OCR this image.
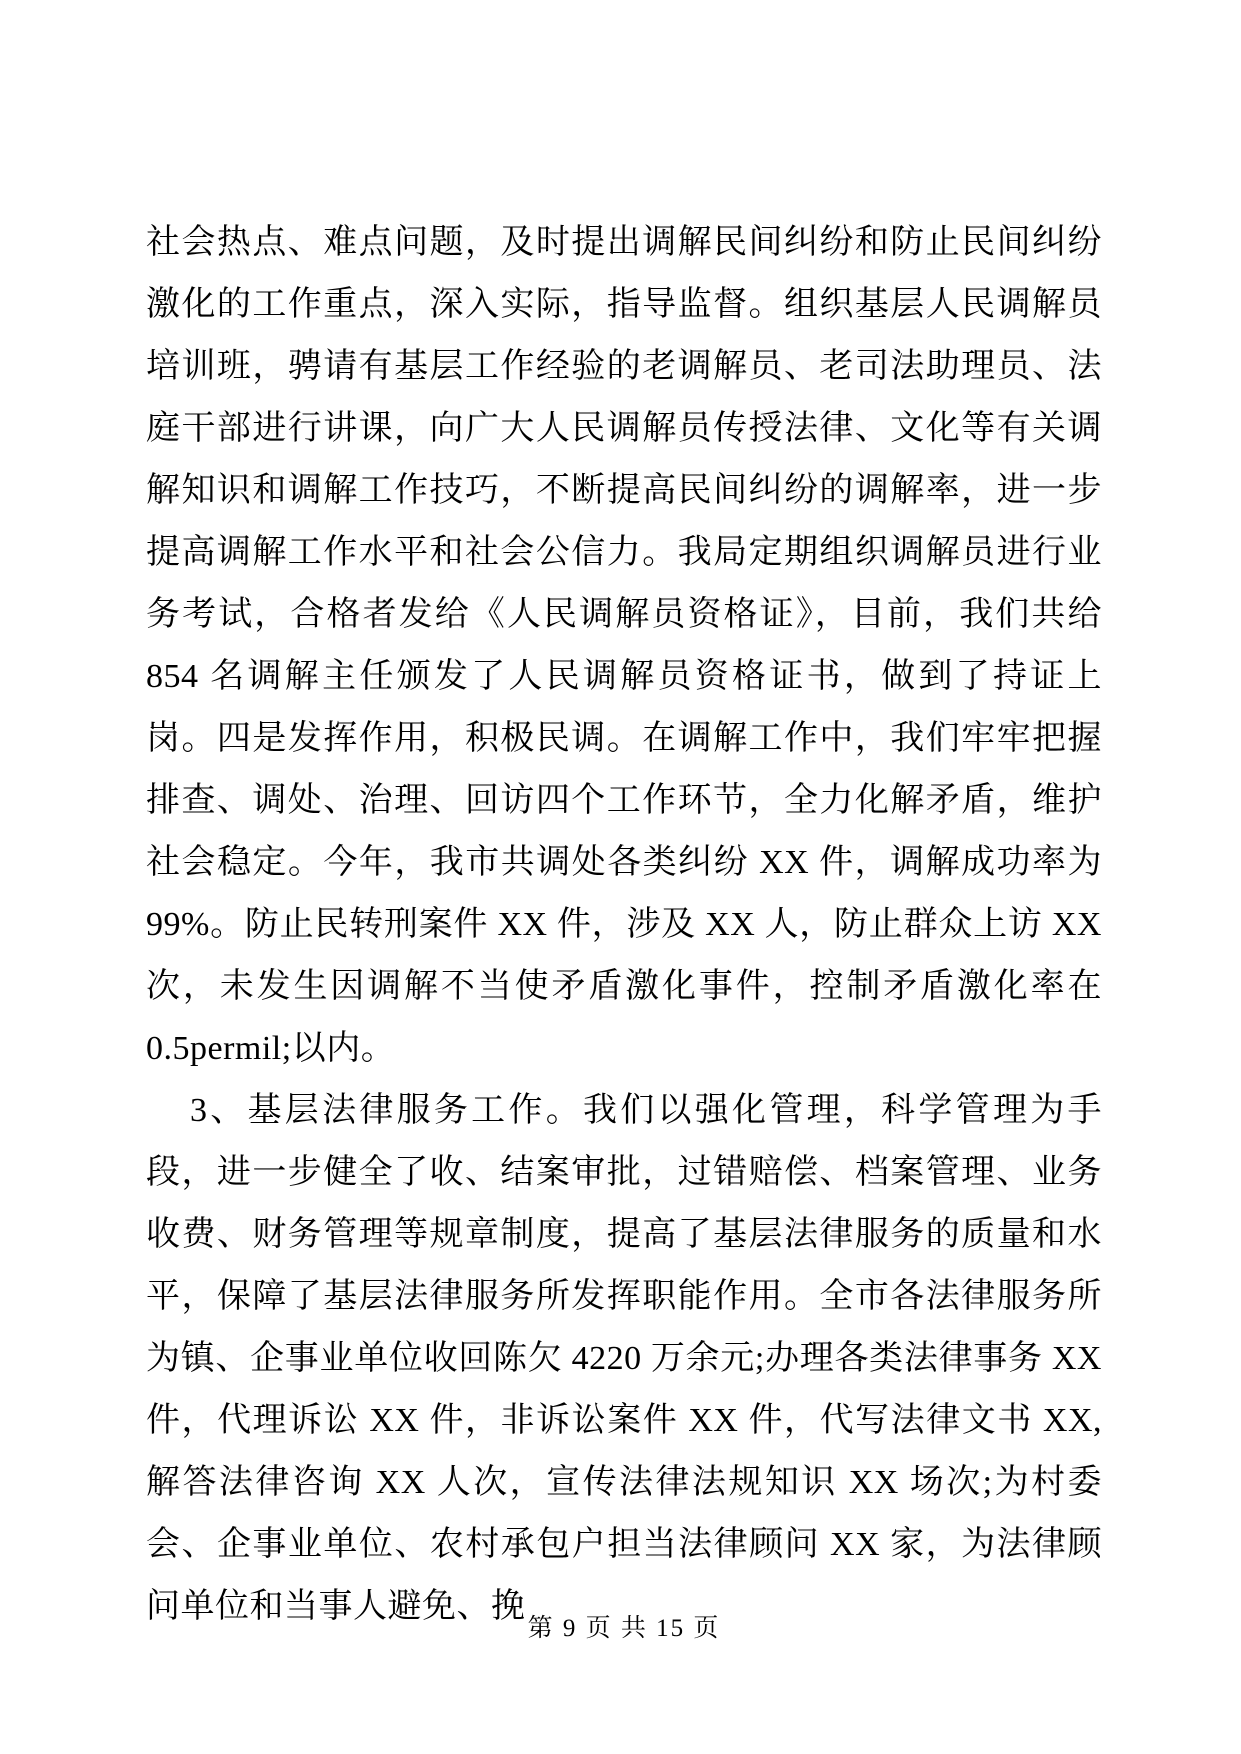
社会热点、难点问题，及时提出调解民间纠纷和防止民间纠纷激化的工作重点，深入实际，指导监督。组织基层人民调解员培训班，骋请有基层工作经验的老调解员、老司法助理员、法庭干部进行讲课，向广大人民调解员传授法律、文化等有关调解知识和调解工作技巧，不断提高民间纠纷的调解率，进一步提高调解工作水平和社会公信力。我局定期组织调解员进行业务考试，合格者发给《人民调解员资格证》，目前，我们共给 854 名调解主任颁发了人民调解员资格证书，做到了持证上岗。四是发挥作用，积极民调。在调解工作中，我们牢牢把握排查、调处、治理、回访四个工作环节，全力化解矛盾，维护社会稳定。今年，我市共调处各类纠纷 XX 件，调解成功率为 99%。防止民转刑案件 XX 件，涉及 XX 人，防止群众上访 XX 次，未发生因调解不当使矛盾激化事件，控制矛盾激化率在 0.5permil;以内。

3、基层法律服务工作。我们以强化管理，科学管理为手段，进一步健全了收、结案审批，过错赔偿、档案管理、业务收费、财务管理等规章制度，提高了基层法律服务的质量和水平，保障了基层法律服务所发挥职能作用。全市各法律服务所为镇、企事业单位收回陈欠 4220 万余元;办理各类法律事务 XX 件，代理诉讼 XX 件，非诉讼案件 XX 件，代写法律文书 XX, 解答法律咨询 XX 人次，宣传法律法规知识 XX 场次;为村委会、企事业单位、农村承包户担当法律顾问 XX 家，为法律顾问单位和当事人避免、挽

第 9 页 共 15 页
